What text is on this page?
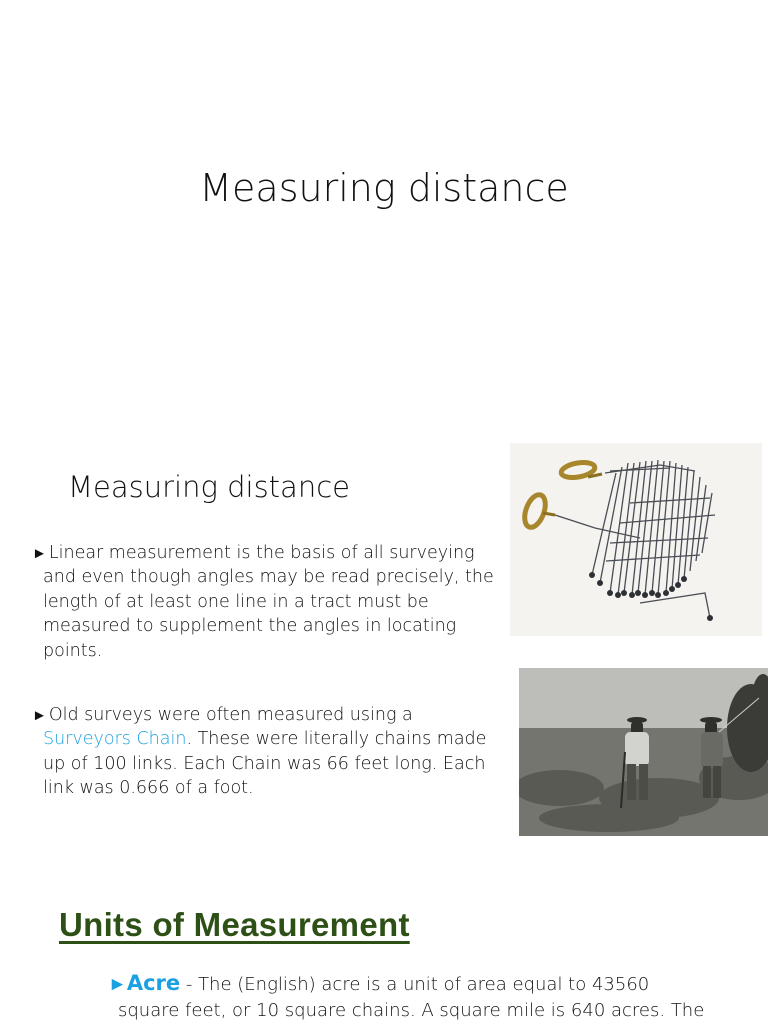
Measuring distance
Measuring distance
► Linear measurement is the basis of all surveying
and even though angles may be read precisely, the
length of at least one line in a tract must be
measured to supplement the angles in locating
points.
► Old surveys were often measured using a
Surveyors Chain. These were literally chains made
up of 100 links. Each Chain was 66 feet long. Each
link was 0.666 of a foot.
Units of Measurement
►Acre - The (English) acre is a unit of area equal to 43560
square feet, or 10 square chains. A square mile is 640 acres. The
